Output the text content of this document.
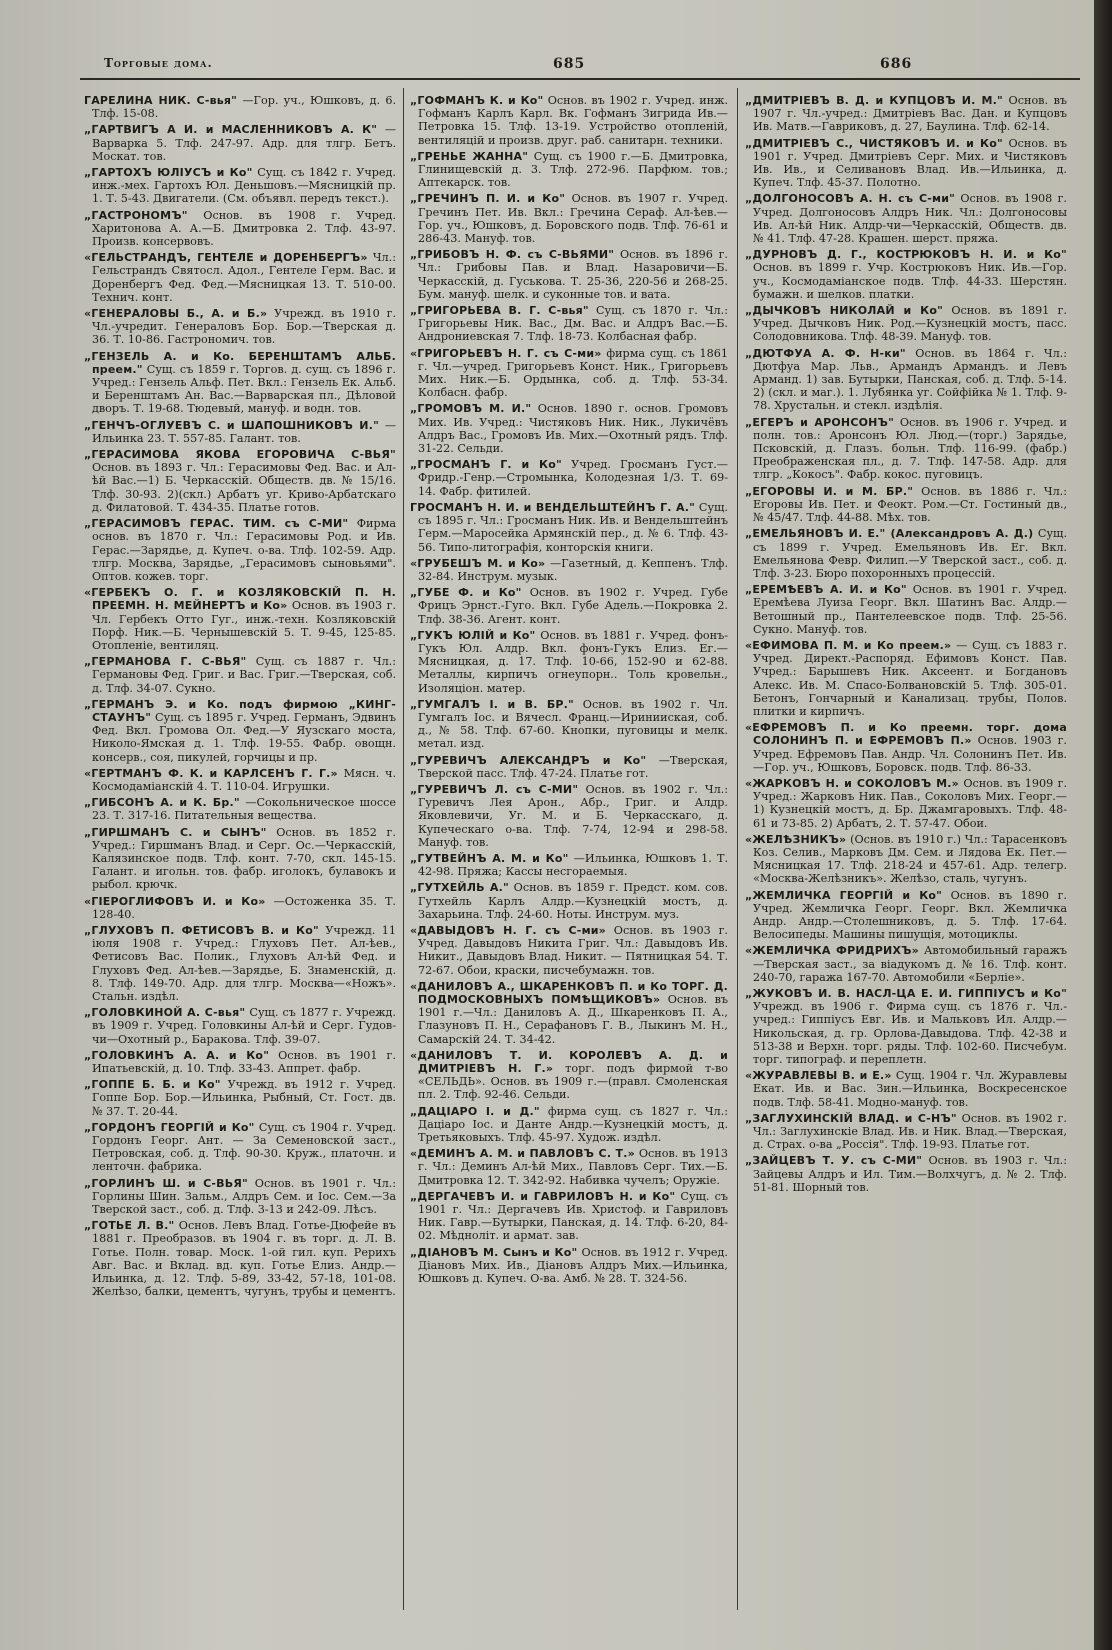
Торговые дома.	685	686
ГАРЕЛИНА НИК. С-вья" —Гор. уч., Юшковъ, д. 6. Тлф. 15-08.
„ГАРТВИГЪ А И. и МАСЛЕННИКОВЪ А. К" —Варварка 5. Тлф. 247-97. Адр. для тлгр. Бетъ. Москат. тов.
„ГАРТОХЪ ЮЛIУСЪ и Ко" Сущ. съ 1842 г. Учред. инж.-мех. Гартохъ Юл. Деньшовъ.—Мясницкій пр. 1. Т. 5-43. Двигатели. (См. объявл. передъ текст.).
„ГАСТРОНОМЪ" Основ. въ 1908 г. Учред. Харитонова А. А.—Б. Дмитровка 2. Тлф. 43-97. Произв. консервовъ.
«ГЕЛЬСТРАНДЪ, ГЕНТЕЛЕ и ДОРЕНБЕРГЪ» Чл.: Гельстрандъ Святосл. Адол., Гентеле Герм. Вас. и Доренбергъ Фед. Фед.—Мясницкая 13. Т. 510-00. Технич. конт.
«ГЕНЕРАЛОВЫ Б., А. и Б.» Учрежд. въ 1910 г. Чл.-учредит. Генераловъ Бор. Бор.—Тверская д. 36. Т. 10-86. Гастрономич. тов.
„ГЕНЗЕЛЬ А. и Ко. БЕРЕНШТАМЪ АЛЬБ. преем." Сущ. съ 1859 г. Торгов. д. сущ. съ 1896 г. Учред.: Гензель Альф. Пет. Вкл.: Гензель Ек. Альб. и Беренштамъ Ан. Вас.—Варварская пл., Дѣловой дворъ. Т. 19-68. Тюдевый, мануф. и водн. тов.
„ГЕНЧЪ-ОГЛУЕВЪ С. и ШАПОШНИКОВЪ И." —Ильинка 23. Т. 557-85. Галант. тов.
„ГЕРАСИМОВА ЯКОВА ЕГОРОВИЧА С-ВЬЯ" Основ. въ 1893 г. Чл.: Герасимовы Фед. Вас. и Ал-ѣй Вас.—1) Б. Черкасскій. Обществ. дв. № 15/16. Тлф. 30-93. 2)(скл.) Арбатъ уг. Криво-Арбатскаго д. Филатовой. Т. 434-35. Платье готов.
„ГЕРАСИМОВЪ ГЕРАС. ТИМ. съ С-МИ" Фирма основ. въ 1870 г. Чл.: Герасимовы Род. и Ив. Герас.—Зарядье, д. Купеч. о-ва. Тлф. 102-59. Адр. тлгр. Москва, Зарядье, „Герасимовъ сыновьями". Оптов. кожев. торг.
«ГЕРБЕКЪ О. Г. и КОЗЛЯКОВСКІЙ П. Н. ПРЕЕМН. Н. МЕЙНЕРТЪ и Ко» Основ. въ 1903 г. Чл. Гербекъ Отто Гуг., инж.-техн. Козляковскій Порф. Ник.—Б. Чернышевскій 5. Т. 9-45, 125-85. Отопленіе, вентиляц.
„ГЕРМАНОВА Г. С-ВЬЯ" Сущ. съ 1887 г. Чл.: Германовы Фед. Григ. и Вас. Григ.—Тверская, соб. д. Тлф. 34-07. Сукно.
„ГЕРМАНЪ Э. и Ко. подъ фирмою „КИНГ-СТАУНЪ" Сущ. съ 1895 г. Учред. Германъ, Эдвинъ Фед. Вкл. Громова Ол. Фед.—У Яузскаго моста, Николо-Ямская д. 1. Тлф. 19-55. Фабр. овощн. консерв., соя, пикулей, горчицы и пр.
«ГЕРТМАНЪ Ф. К. и КАРЛСЕНЪ Г. Г.» Мясн. ч. Космодамiанскій 4. Т. 110-04. Игрушки.
„ГИБСОНЪ А. и К. Бр." —Сокольническое шоссе 23. Т. 317-16. Питательныя вещества.
„ГИРШМАНЪ С. и СЫНЪ" Основ. въ 1852 г. Учред.: Гиршманъ Влад. и Серг. Ос.—Черкасскій, Калязинское подв. Тлф. конт. 7-70, скл. 145-15. Галант. и игольн. тов. фабр. иголокъ, булавокъ и рыбол. крючк.
«ГІЕРОГЛИФОВЪ И. и Ко» —Остоженка 35. Т. 128-40.
„ГЛУХОВЪ П. ФЕТИСОВЪ В. и Ко" Учрежд. 11 іюля 1908 г. Учред.: Глуховъ Пет. Ал-ѣев., Фетисовъ Вас. Полик., Глуховъ Ал-ѣй Фед. и Глуховъ Фед. Ал-ѣев.—Зарядье, Б. Знаменскій, д. 8. Тлф. 149-70. Адр. для тлгр. Москва—«Ножъ». Стальн. издѣл.
„ГОЛОВКИНОЙ А. С-вья" Сущ. съ 1877 г. Учрежд. въ 1909 г. Учред. Головкины Ал-ѣй и Серг. Гудов-чи—Охотный р., Баракова. Тлф. 39-07.
„ГОЛОВКИНЪ А. А. и Ко" Основ. въ 1901 г. Ипатьевскій, д. 10. Тлф. 33-43. Аппрет. фабр.
„ГОППЕ Б. Б. и Ко" Учрежд. въ 1912 г. Учред. Гоппе Бор. Бор.—Ильинка, Рыбный, Ст. Гост. дв. № 37. Т. 20-44.
„ГОРДОНЪ ГЕОРГІЙ и Ко" Сущ. съ 1904 г. Учред. Гордонъ Георг. Ант. — За Семеновской заст., Петровская, соб. д. Тлф. 90-30. Круж., платочн. и ленточн. фабрика.
„ГОРЛИНЪ Ш. и С-ВЬЯ" Основ. въ 1901 г. Чл.: Горлины Шин. Зальм., Алдръ Сем. и Іос. Сем.—За Тверской заст., соб. д. Тлф. 3-13 и 242-09. Лѣсъ.
„ГОТЬЕ Л. В." Основ. Левъ Влад. Готье-Дюфейе въ 1881 г. Преобразов. въ 1904 г. въ торг. д. Л. В. Готье. Полн. товар. Моск. 1-ой гил. куп. Рерихъ Авг. Вас. и Вклад. вд. куп. Готье Елиз. Андр.—Ильинка, д. 12. Тлф. 5-89, 33-42, 57-18, 101-08. Желѣзо, балки, цементъ, чугунъ, трубы и цементъ.
„ГОФМАНЪ К. и Ко" Основ. въ 1902 г. Учред. инж. Гофманъ Карлъ Карл. Вк. Гофманъ Зигрида Ив.—Петровка 15. Тлф. 13-19. Устройство отопленій, вентиляцій и произв. друг. раб. санитарн. техники.
„ГРЕНЬЕ ЖАННА" Сущ. съ 1900 г.—Б. Дмитровка, Глинищевскій д. 3. Тлф. 272-96. Парфюм. тов.; Аптекарск. тов.
„ГРЕЧИНЪ П. И. и Ко" Основ. въ 1907 г. Учред. Гречинъ Пет. Ив. Вкл.: Гречина Сераф. Ал-ѣев.—Гор. уч., Юшковъ, д. Боровского подв. Тлф. 76-61 и 286-43. Мануф. тов.
„ГРИБОВЪ Н. Ф. съ С-ВЬЯМИ" Основ. въ 1896 г. Чл.: Грибовы Пав. и Влад. Назаровичи—Б. Черкасскій, д. Гуськова. Т. 25-36, 220-56 и 268-25. Бум. мануф. шелк. и суконные тов. и вата.
„ГРИГОРЬЕВА В. Г. С-вья" Сущ. съ 1870 г. Чл.: Григорьевы Ник. Вас., Дм. Вас. и Алдръ Вас.—Б. Андрониевская 7. Тлф. 18-73. Колбасная фабр.
«ГРИГОРЬЕВЪ Н. Г. съ С-ми» фирма сущ. съ 1861 г. Чл.—учред. Григорьевъ Конст. Ник., Григорьевъ Мих. Ник.—Б. Ордынка, соб. д. Тлф. 53-34. Колбасн. фабр.
„ГРОМОВЪ М. И." Основ. 1890 г. основ. Громовъ Мих. Ив. Учред.: Чистяковъ Ник. Ник., Лукичёвъ Алдръ Вас., Громовъ Ив. Мих.—Охотный рядъ. Тлф. 31-22. Сельди.
„ГРОСМАНЪ Г. и Ко" Учред. Гросманъ Густ.—Фридр.-Генр.—Стромынка, Колодезная 1/3. Т. 69-14. Фабр. фитилей.
ГРОСМАНЪ Н. И. и ВЕНДЕЛЬШТЕЙНЪ Г. А." Сущ. съ 1895 г. Чл.: Гросманъ Ник. Ив. и Вендельштейнъ Герм.—Маросейка Армянскій пер., д. № 6. Тлф. 43-56. Типо-литографія, конторскія книги.
«ГРУБЕШЪ М. и Ко» —Газетный, д. Кеппенъ. Тлф. 32-84. Инструм. музык.
„ГУБЕ Ф. и Ко" Основ. въ 1902 г. Учред. Губе Фрицъ Эрнст.-Гуго. Вкл. Губе Адель.—Покровка 2. Тлф. 38-36. Агент. конт.
„ГУКЪ ЮЛІЙ и Ко" Основ. въ 1881 г. Учред. фонъ-Гукъ Юл. Алдр. Вкл. фонъ-Гукъ Елиз. Ег.—Мясницкая, д. 17. Тлф. 10-66, 152-90 и 62-88. Металлы, кирпичъ огнеупорн.. Толь кровельн., Изоляціон. матер.
„ГУМГАЛЪ І. и В. БР." Основ. въ 1902 г. Чл. Гумгалъ Іос. и Вячесл. Франц.—Иринииская, соб. д., № 58. Тлф. 67-60. Кнопки, пуговицы и мелк. метал. изд.
„ГУРЕВИЧЪ АЛЕКСАНДРЪ и Ко" —Тверская, Тверской пасс. Тлф. 47-24. Платье гот.
„ГУРЕВИЧЪ Л. съ С-МИ" Основ. въ 1902 г. Чл.: Гуревичъ Лея Арон., Абр., Григ. и Алдр. Яковлевичи, Уг. М. и Б. Черкасскаго, д. Купеческаго о-ва. Тлф. 7-74, 12-94 и 298-58. Мануф. тов.
„ГУТВЕЙНЪ А. М. и Ко" —Ильинка, Юшковъ 1. Т. 42-98. Пряжа; Кассы несгораемыя.
„ГУТХЕЙЛЬ А." Основ. въ 1859 г. Предст. ком. сов. Гутхейль Карлъ Алдр.—Кузнецкій мостъ, д. Захарьина. Тлф. 24-60. Ноты. Инструм. муз.
«ДАВЫДОВЪ Н. Г. съ С-ми» Основ. въ 1903 г. Учред. Давыдовъ Никита Григ. Чл.: Давыдовъ Ив. Никит., Давыдовъ Влад. Никит. — Пятницкая 54. Т. 72-67. Обои, краски, писчебумажн. тов.
«ДАНИЛОВЪ А., ШКАРЕНКОВЪ П. и Ко ТОРГ. Д. ПОДМОСКОВНЫХЪ ПОМѢЩИКОВЪ» Основ. въ 1901 г.—Чл.: Даниловъ А. Д., Шкаренковъ П. А., Глазуновъ П. Н., Серафановъ Г. В., Лыкинъ М. Н., Самарскій 24. Т. 34-42.
«ДАНИЛОВЪ Т. И. КОРОЛЕВЪ А. Д. и ДМИТРІЕВЪ Н. Г.» торг. подъ фирмой т-во «СЕЛЬДЬ». Основ. въ 1909 г.—(правл. Смоленская пл. 2. Тлф. 92-46. Сельди.
„ДАЦІАРО І. и Д." фирма сущ. съ 1827 г. Чл.: Даціаро Іос. и Данте Андр.—Кузнецкій мостъ, д. Третьяковыхъ. Тлф. 45-97. Худож. издѣл.
«ДЕМИНЪ А. М. и ПАВЛОВЪ С. Т.» Основ. въ 1913 г. Чл.: Деминъ Ал-ѣй Мих., Павловъ Серг. Тих.—Б. Дмитровка 12. Т. 342-92. Набивка чучелъ; Оружіе.
„ДЕРГАЧЕВЪ И. и ГАВРИЛОВЪ Н. и Ко" Сущ. съ 1901 г. Чл.: Дергачевъ Ив. Христоф. и Гавриловъ Ник. Гавр.—Бутырки, Панская, д. 14. Тлф. 6-20, 84-02. Мѣдноліт. и армат. зав.
„ДІАНОВЪ М. Сынъ и Ко" Основ. въ 1912 г. Учред. Діановъ Мих. Ив., Діановъ Алдръ Мих.—Ильинка, Юшковъ д. Купеч. О-ва. Амб. № 28. Т. 324-56.
„ДМИТРІЕВЪ В. Д. и КУПЦОВЪ И. М." Основ. въ 1907 г. Чл.-учред.: Дмитріевъ Вас. Дан. и Купцовъ Ив. Матв.—Гавриковъ, д. 27, Баулина. Тлф. 62-14.
„ДМИТРІЕВЪ С., ЧИСТЯКОВЪ И. и Ко" Основ. въ 1901 г. Учред. Дмитріевъ Серг. Мих. и Чистяковъ Ив. Ив., и Селивановъ Влад. Ив.—Ильинка, д. Купеч. Тлф. 45-37. Полотно.
„ДОЛГОНОСОВЪ А. Н. съ С-ми" Основ. въ 1908 г. Учред. Долгоносовъ Алдръ Ник. Чл.: Долгоносовы Ив. Ал-ѣй Ник. Алдр-чи—Черкасскій, Обществ. дв. № 41. Тлф. 47-28. Крашен. шерст. пряжа.
„ДУРНОВЪ Д. Г., КОСТРЮКОВЪ Н. И. и Ко" Основ. въ 1899 г. Учр. Кострюковъ Ник. Ив.—Гор. уч., Космодамiанское подв. Тлф. 44-33. Шерстян. бумажн. и шелков. платки.
„ДЫЧКОВЪ НИКОЛАЙ и Ко" Основ. въ 1891 г. Учред. Дычковъ Ник. Род.—Кузнецкій мостъ, пасс. Солодовникова. Тлф. 48-39. Мануф. тов.
„ДЮТФУА А. Ф. Н-ки" Основ. въ 1864 г. Чл.: Дютфуа Мар. Льв., Армандъ Армандъ. и Левъ Арманд. 1) зав. Бутырки, Панская, соб. д. Тлф. 5-14. 2) (скл. и маг.). 1. Лубянка уг. Сойфійка № 1. Тлф. 9-78. Хрустальн. и стекл. издѣлія.
„ЕГЕРЪ и АРОНСОНЪ" Основ. въ 1906 г. Учред. и полн. тов.: Аронсонъ Юл. Люд.—(торг.) Зарядье, Псковскій, д. Глазъ. больн. Тлф. 116-99. (фабр.) Преображенская пл., д. 7. Тлф. 147-58. Адр. для тлгр. „Кокосъ". Фабр. кокос. пуговицъ.
„ЕГОРОВЫ И. и М. БР." Основ. въ 1886 г. Чл.: Егоровы Ив. Пет. и Феокт. Ром.—Ст. Гостиный дв., № 45/47. Тлф. 44-88. Мѣх. тов.
„ЕМЕЛЬЯНОВЪ И. Е." (Александровъ А. Д.) Сущ. съ 1899 г. Учред. Емельяновъ Ив. Ег. Вкл. Емельянова Февр. Филип.—У Тверской заст., соб. д. Тлф. 3-23. Бюро похоронныхъ процессій.
„ЕРЕМѢЕВЪ А. И. и Ко" Основ. въ 1901 г. Учред. Еремѣева Луиза Георг. Вкл. Шатинъ Вас. Алдр.—Ветошный пр., Пантелеевское подв. Тлф. 25-56. Сукно. Мануф. тов.
«ЕФИМОВА П. М. и Ко преем.» — Сущ. съ 1883 г. Учред. Директ.-Распоряд. Ефимовъ Конст. Пав. Учред.: Барышевъ Ник. Аксеент. и Богдановъ Алекс. Ив. М. Спасо-Болвановскій 5. Тлф. 305-01. Бетонъ, Гончарный и Канализац. трубы, Полов. плитки и кирпичъ.
«ЕФРЕМОВЪ П. и Ко преемн. торг. дома СОЛОНИНЪ П. и ЕФРЕМОВЪ П.» Основ. 1903 г. Учред. Ефремовъ Пав. Андр. Чл. Солонинъ Пет. Ив.—Гор. уч., Юшковъ, Боровск. подв. Тлф. 86-33.
«ЖАРКОВЪ Н. и СОКОЛОВЪ М.» Основ. въ 1909 г. Учред.: Жарковъ Ник. Пав., Соколовъ Мих. Георг.—1) Кузнецкій мостъ, д. Бр. Джамгаровыхъ. Тлф. 48-61 и 73-85. 2) Арбатъ, 2. Т. 57-47. Обои.
«ЖЕЛѢЗНИКЪ» (Основ. въ 1910 г.) Чл.: Тарасенковъ Коз. Селив., Марковъ Дм. Сем. и Лядова Ек. Пет.—Мясницкая 17. Тлф. 218-24 и 457-61. Адр. телегр. «Москва-Желѣзникъ». Желѣзо, сталь, чугунъ.
„ЖЕМЛИЧКА ГЕОРГІЙ и Ко" Основ. въ 1890 г. Учред. Жемличка Георг. Георг. Вкл. Жемличка Андр. Андр.—Столешниковъ, д. 5. Тлф. 17-64. Велосипеды. Машины пишущія, мотоциклы.
«ЖЕМЛИЧКА ФРИДРИХЪ» Автомобильный гаражъ—Тверская заст., за віадукомъ д. № 16. Тлф. конт. 240-70, гаража 167-70. Автомобили «Берліе».
„ЖУКОВЪ И. В. НАСЛ-ЦА Е. И. ГИППІУСЪ и Ко" Учрежд. въ 1906 г. Фирма сущ. съ 1876 г. Чл.-учред.: Гиппіусъ Евг. Ив. и Мальковъ Ил. Алдр.—Никольская, д. гр. Орлова-Давыдова. Тлф. 42-38 и 513-38 и Верхн. торг. ряды. Тлф. 102-60. Писчебум. торг. типограф. и переплетн.
«ЖУРАВЛЕВЫ В. и Е.» Сущ. 1904 г. Чл. Журавлевы Екат. Ив. и Вас. Зин.—Ильинка, Воскресенское подв. Тлф. 58-41. Модно-мануф. тов.
„ЗАГЛУХИНСКІЙ ВЛАД. и С-НЪ" Основ. въ 1902 г. Чл.: Заглухинскіе Влад. Ив. и Ник. Влад.—Тверская, д. Страх. о-ва „Россія". Тлф. 19-93. Платье гот.
„ЗАЙЦЕВЪ Т. У. съ С-МИ" Основ. въ 1903 г. Чл.: Зайцевы Алдръ и Ил. Тим.—Волхчугъ, д. № 2. Тлф. 51-81. Шорный тов.
